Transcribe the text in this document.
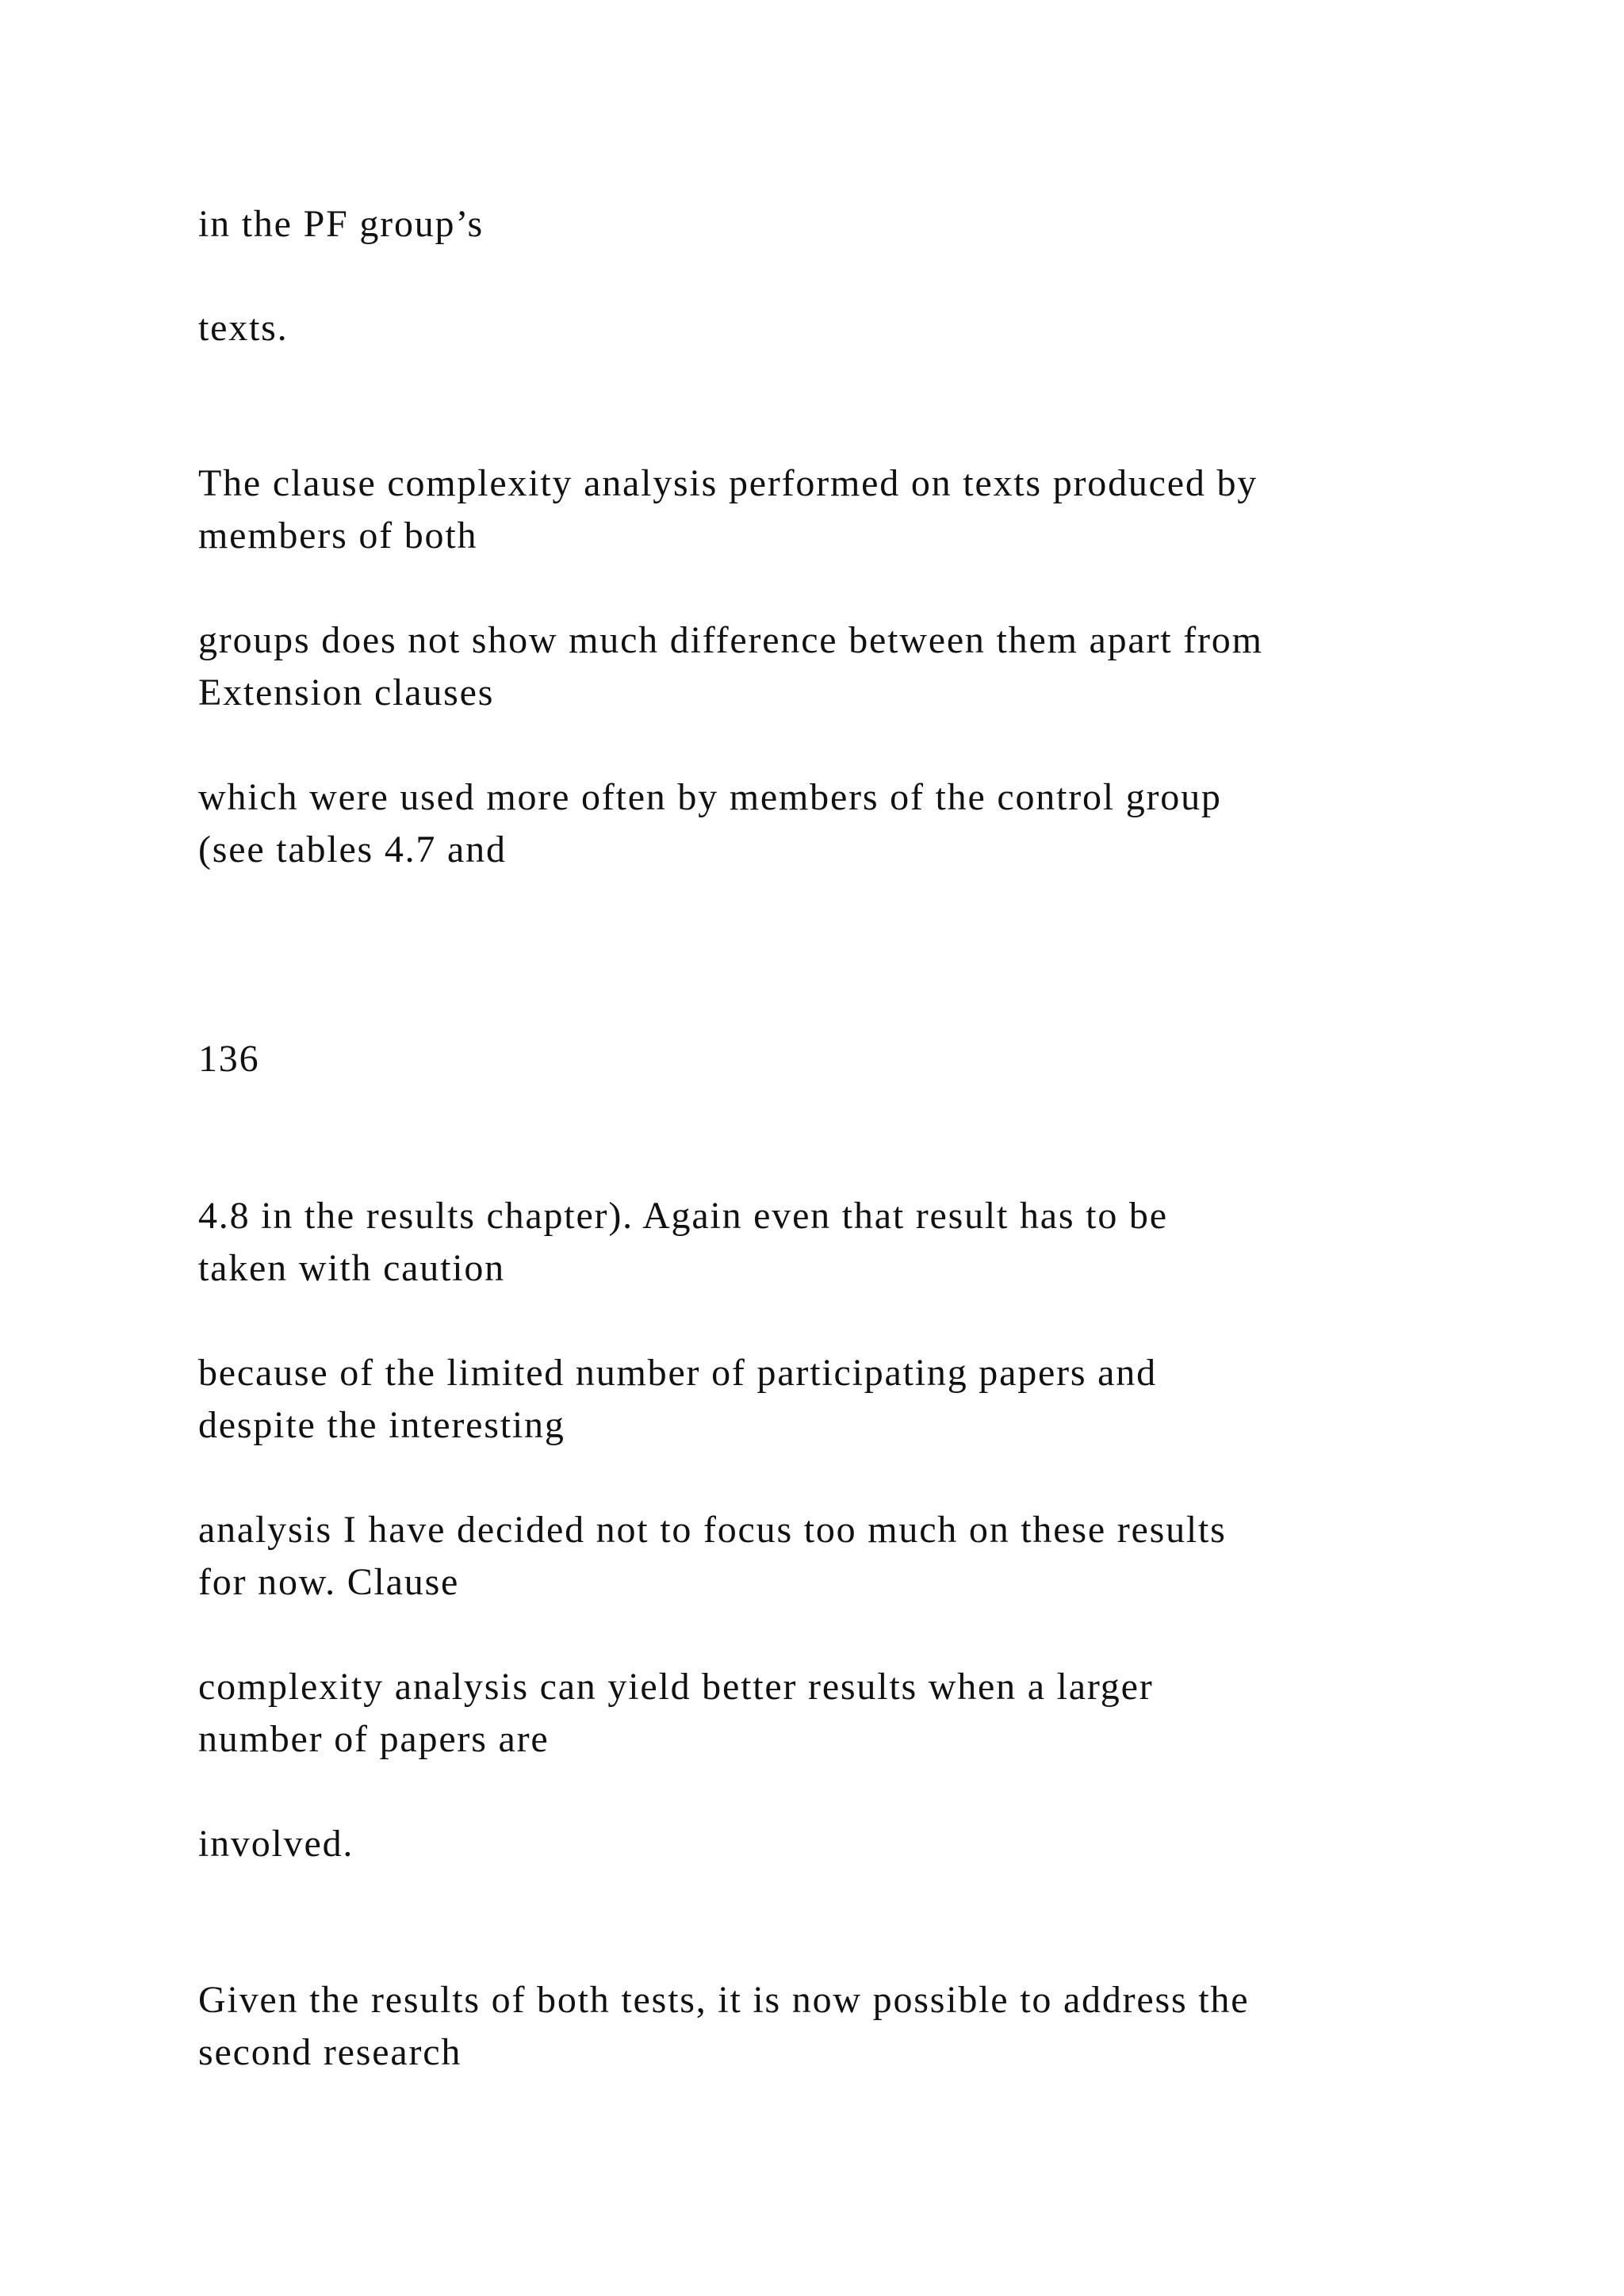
in the PF group’s

texts.

The clause complexity analysis performed on texts produced by

members of both

groups does not show much difference between them apart from

Extension clauses

which were used more often by members of the control group

(see tables 4.7 and

136

4.8 in the results chapter). Again even that result has to be

taken with caution

because of the limited number of participating papers and

despite the interesting

analysis I have decided not to focus too much on these results

for now. Clause

complexity analysis can yield better results when a larger

number of papers are

involved.

Given the results of both tests, it is now possible to address the

second research
